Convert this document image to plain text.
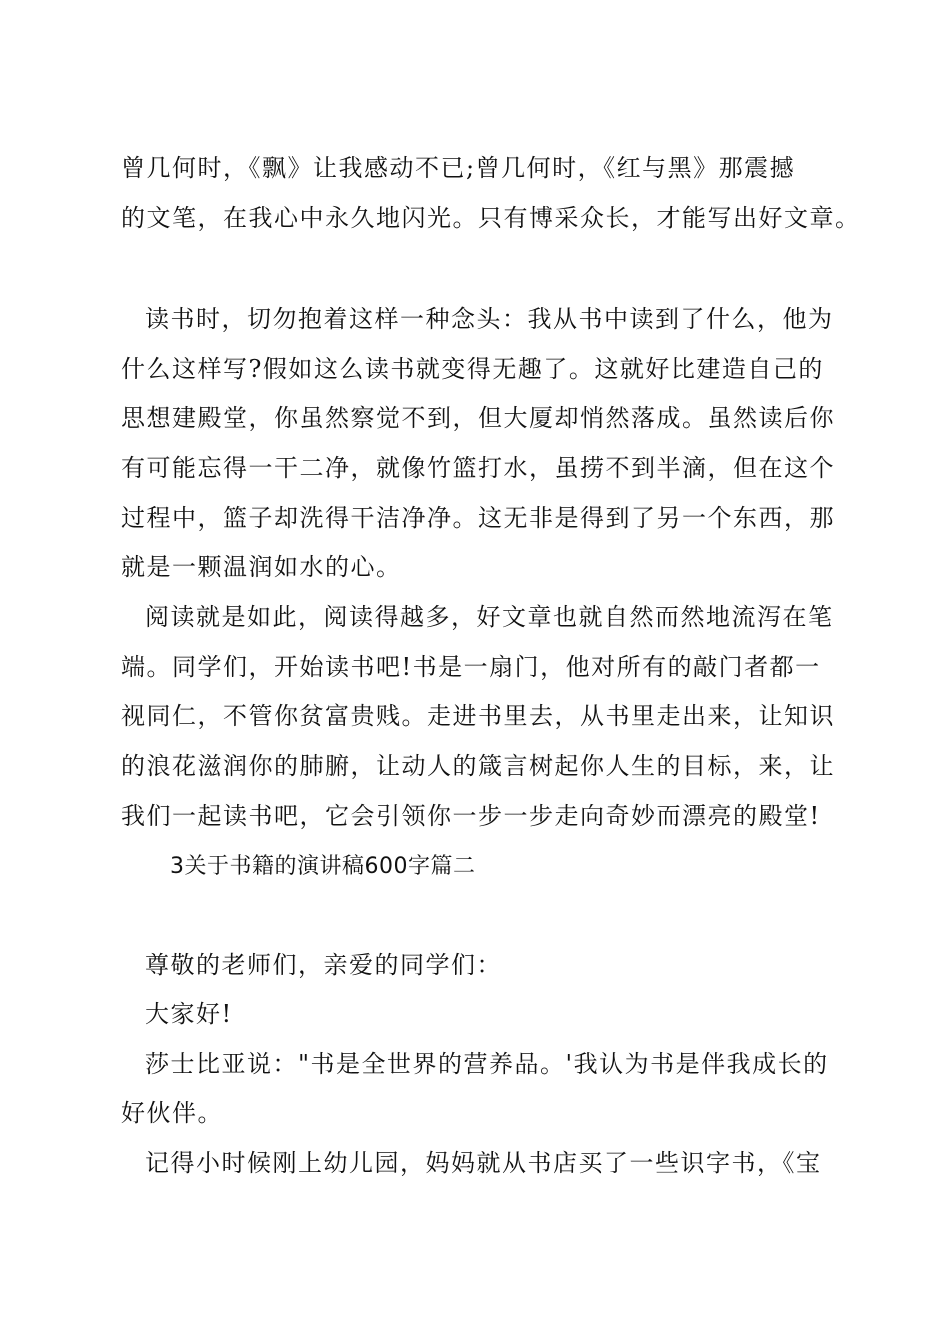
曾几何时，《飘》让我感动不已;曾几何时，《红与黑》那震撼
的文笔，在我心中永久地闪光。只有博采众长，才能写出好文章。
读书时，切勿抱着这样一种念头：我从书中读到了什么，他为
什么这样写?假如这么读书就变得无趣了。这就好比建造自己的
思想建殿堂，你虽然察觉不到，但大厦却悄然落成。虽然读后你
有可能忘得一干二净，就像竹篮打水，虽捞不到半滴，但在这个
过程中，篮子却洗得干洁净净。这无非是得到了另一个东西，那
就是一颗温润如水的心。
阅读就是如此，阅读得越多，好文章也就自然而然地流泻在笔
端。同学们，开始读书吧!书是一扇门，他对所有的敲门者都一
视同仁，不管你贫富贵贱。走进书里去，从书里走出来，让知识
的浪花滋润你的肺腑，让动人的箴言树起你人生的目标，来，让
我们一起读书吧，它会引领你一步一步走向奇妙而漂亮的殿堂!
3关于书籍的演讲稿600字篇二
尊敬的老师们，亲爱的同学们：
大家好!
莎士比亚说："书是全世界的营养品。'我认为书是伴我成长的
好伙伴。
记得小时候刚上幼儿园，妈妈就从书店买了一些识字书，《宝
